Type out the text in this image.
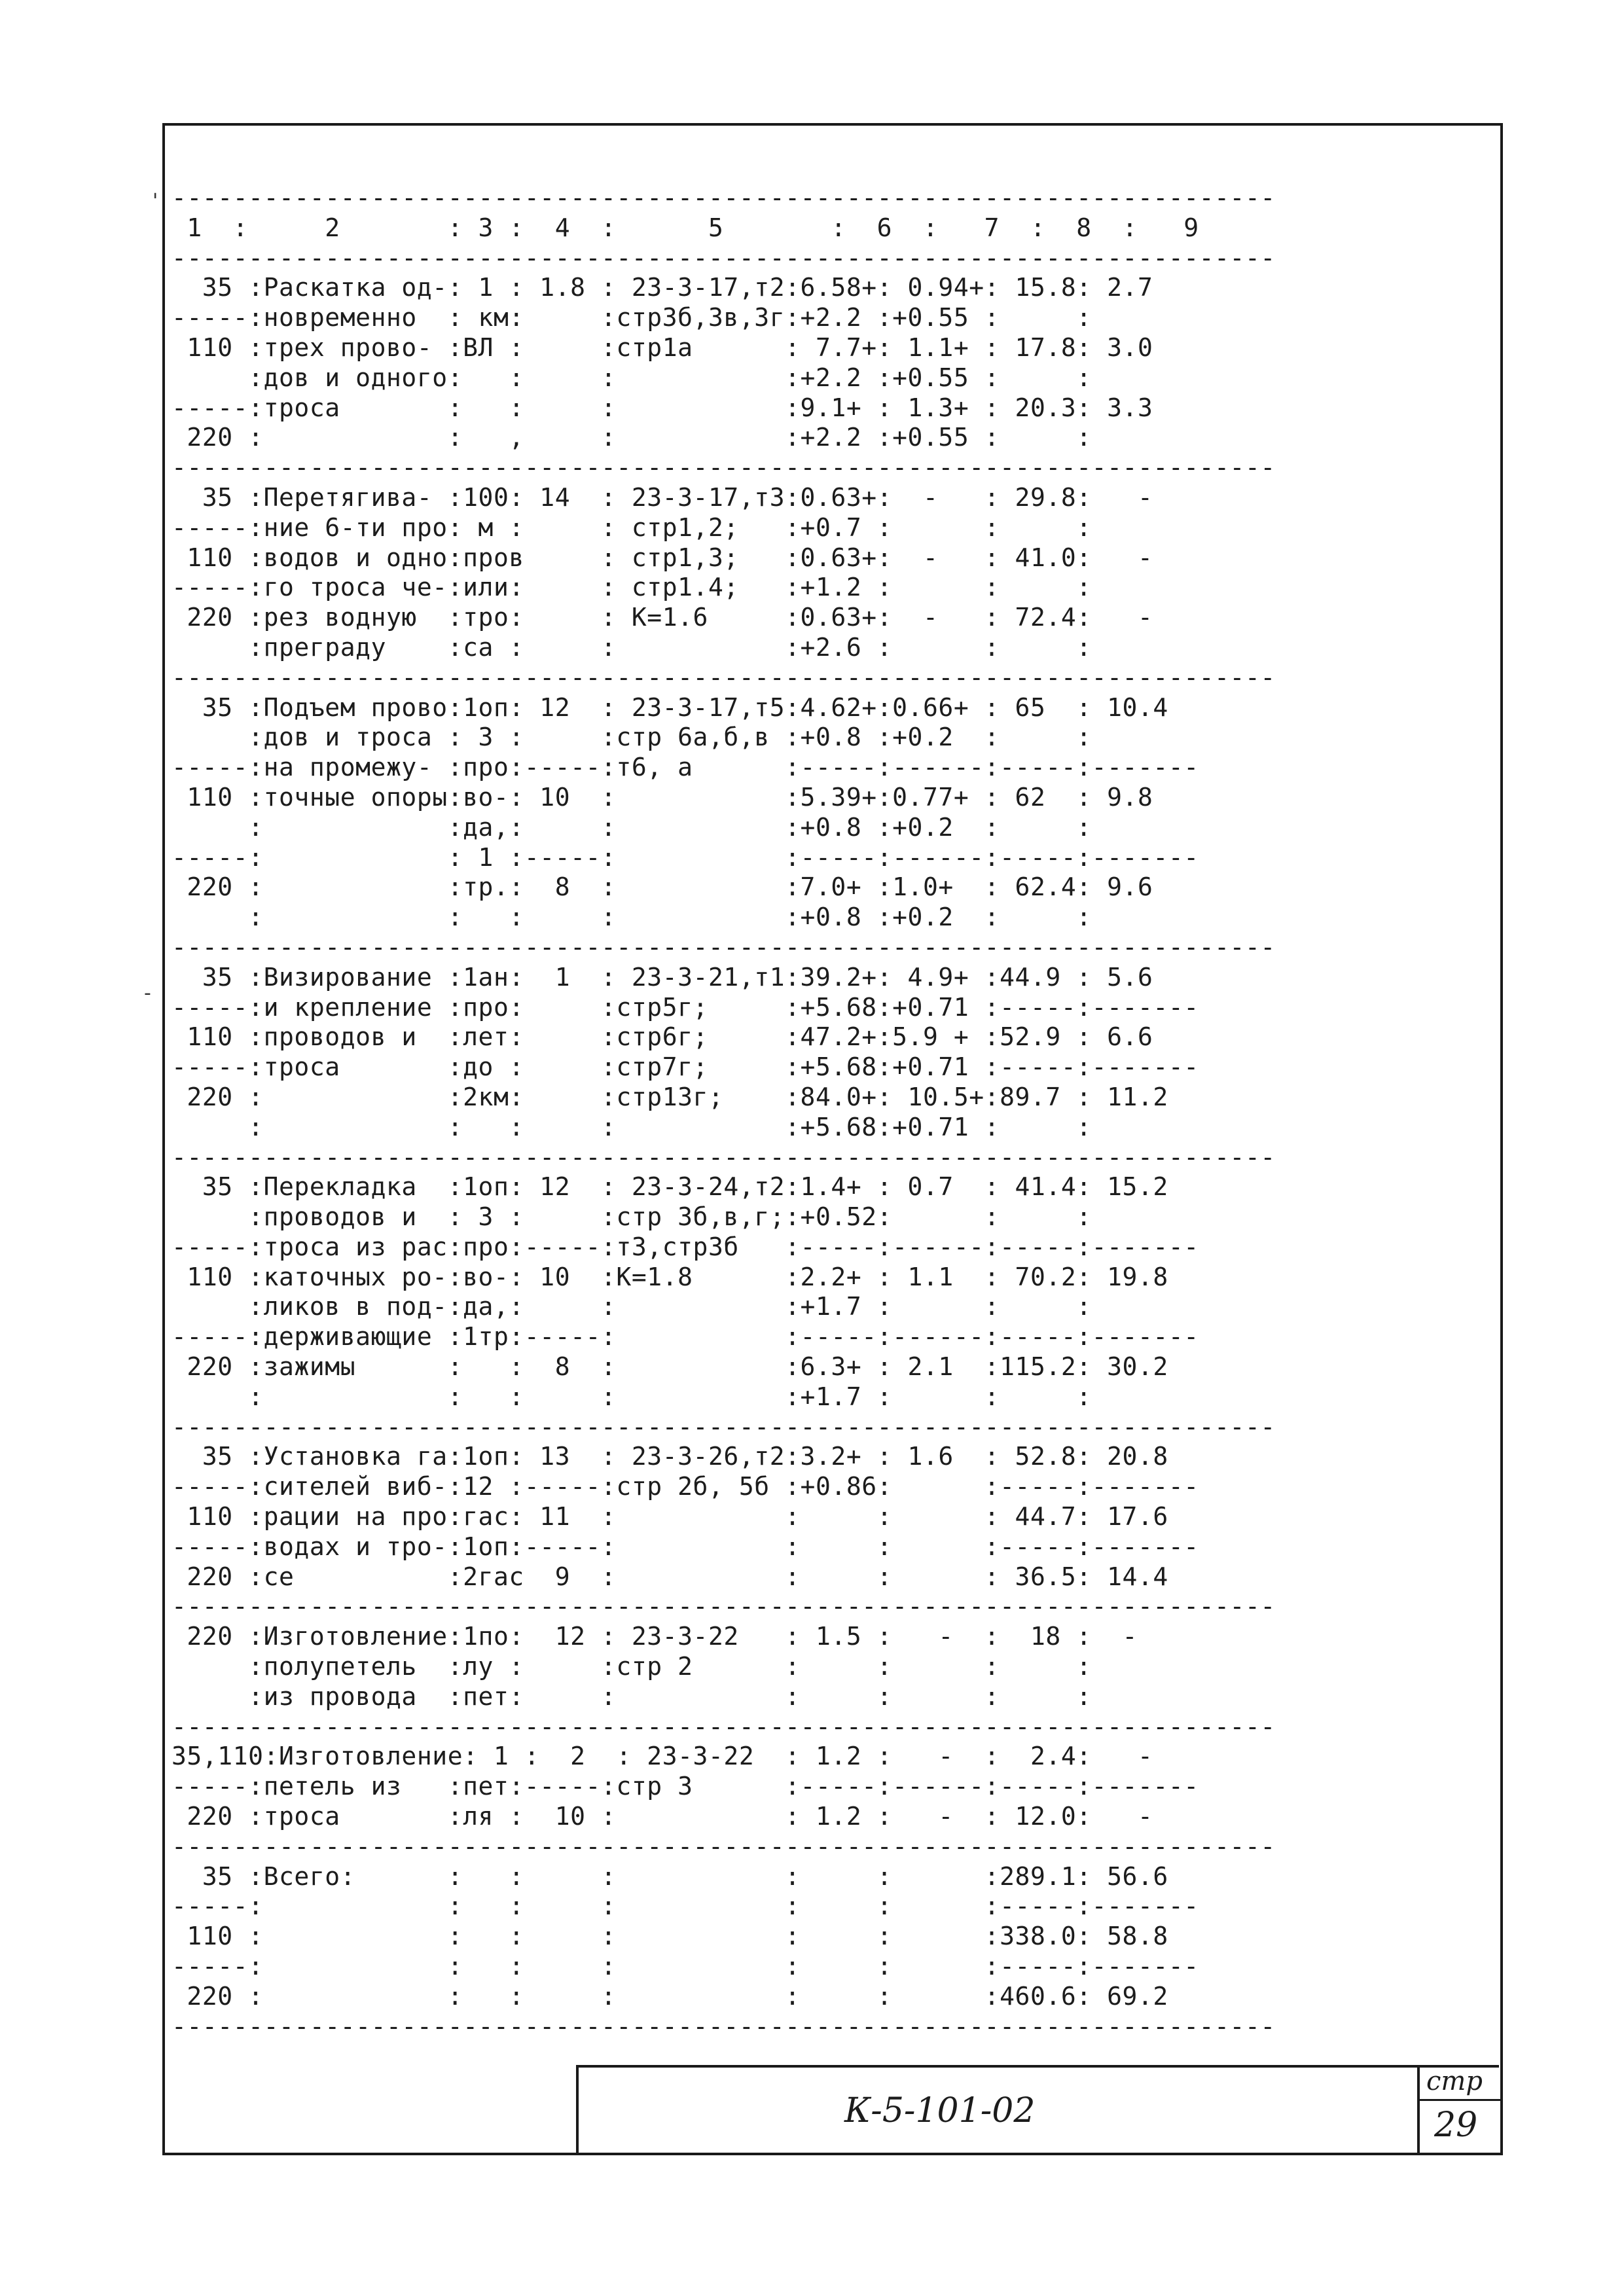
------------------------------------------------------------------------
1  :     2       : 3 :  4  :      5       :  6  :   7  :  8  :   9
------------------------------------------------------------------------
35 :Раскатка од-: 1 : 1.8 : 23-3-17,т2:6.58+: 0.94+: 15.8: 2.7
-----:новременно  : км:     :стр3б,3в,3г:+2.2 :+0.55 :     :
110 :трех прово- :ВЛ :     :стр1а      : 7.7+: 1.1+ : 17.8: 3.0
:дов и одного:   :     :           :+2.2 :+0.55 :     :
-----:троса       :   :     :           :9.1+ : 1.3+ : 20.3: 3.3
220 :            :   ,     :           :+2.2 :+0.55 :     :
------------------------------------------------------------------------
35 :Перетягива- :100: 14  : 23-3-17,т3:0.63+:  -   : 29.8:   -
-----:ние 6-ти про: м :     : стр1,2;   :+0.7 :      :     :
110 :водов и одно:пров     : стр1,3;   :0.63+:  -   : 41.0:   -
-----:го троса че-:или:     : стр1.4;   :+1.2 :      :     :
220 :рез водную  :тро:     : К=1.6     :0.63+:  -   : 72.4:   -
:преграду    :са :     :           :+2.6 :      :     :
------------------------------------------------------------------------
35 :Подъем прово:1оп: 12  : 23-3-17,т5:4.62+:0.66+ : 65  : 10.4
:дов и троса : 3 :     :стр 6а,б,в :+0.8 :+0.2  :     :
-----:на промежу- :про:-----:т6, а      :-----:------:-----:-------
110 :точные опоры:во-: 10  :           :5.39+:0.77+ : 62  : 9.8
:            :да,:     :           :+0.8 :+0.2  :     :
-----:            : 1 :-----:           :-----:------:-----:-------
220 :            :тр.:  8  :           :7.0+ :1.0+  : 62.4: 9.6
:            :   :     :           :+0.8 :+0.2  :     :
------------------------------------------------------------------------
35 :Визирование :1ан:  1  : 23-3-21,т1:39.2+: 4.9+ :44.9 : 5.6
-----:и крепление :про:     :стр5г;     :+5.68:+0.71 :-----:-------
110 :проводов и  :лет:     :стр6г;     :47.2+:5.9 + :52.9 : 6.6
-----:троса       :до :     :стр7г;     :+5.68:+0.71 :-----:-------
220 :            :2км:     :стр13г;    :84.0+: 10.5+:89.7 : 11.2
:            :   :     :           :+5.68:+0.71 :     :
------------------------------------------------------------------------
35 :Перекладка  :1оп: 12  : 23-3-24,т2:1.4+ : 0.7  : 41.4: 15.2
:проводов и  : 3 :     :стр 3б,в,г;:+0.52:      :     :
-----:троса из рас:про:-----:т3,стр3б   :-----:------:-----:-------
110 :каточных ро-:во-: 10  :К=1.8      :2.2+ : 1.1  : 70.2: 19.8
:ликов в под-:да,:     :           :+1.7 :      :     :
-----:держивающие :1тр:-----:           :-----:------:-----:-------
220 :зажимы      :   :  8  :           :6.3+ : 2.1  :115.2: 30.2
:            :   :     :           :+1.7 :      :     :
------------------------------------------------------------------------
35 :Установка га:1оп: 13  : 23-3-26,т2:3.2+ : 1.6  : 52.8: 20.8
-----:сителей виб-:12 :-----:стр 2б, 5б :+0.86:      :-----:-------
110 :рации на про:гас: 11  :           :     :      : 44.7: 17.6
-----:водах и тро-:1оп:-----:           :     :      :-----:-------
220 :се          :2гас  9  :           :     :      : 36.5: 14.4
------------------------------------------------------------------------
220 :Изготовление:1по:  12 : 23-3-22   : 1.5 :   -  :  18 :  -
:полупетель  :лу :     :стр 2      :     :      :     :
:из провода  :пет:     :           :     :      :     :
------------------------------------------------------------------------
35,110:Изготовление: 1 :  2  : 23-3-22  : 1.2 :   -  :  2.4:   -
-----:петель из   :пет:-----:стр 3      :-----:------:-----:-------
220 :троса       :ля :  10 :           : 1.2 :   -  : 12.0:   -
------------------------------------------------------------------------
35 :Всего:      :   :     :           :     :      :289.1: 56.6
-----:            :   :     :           :     :      :-----:-------
110 :            :   :     :           :     :      :338.0: 58.8
-----:            :   :     :           :     :      :-----:-------
220 :            :   :     :           :     :      :460.6: 69.2
------------------------------------------------------------------------

К-5-101-02
стр
29
'
-
